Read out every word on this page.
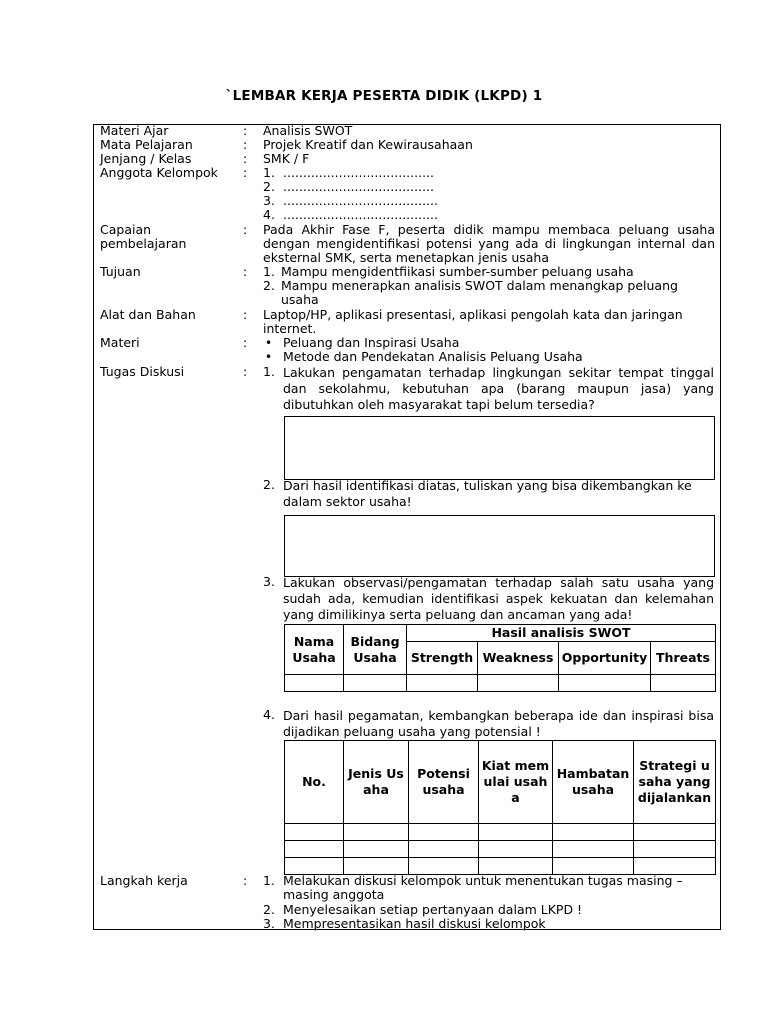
`LEMBAR KERJA PESERTA DIDIK (LKPD) 1
Materi Ajar	: Analisis SWOT
Mata Pelajaran	: Projek Kreatif dan Kewirausahaan
Jenjang / Kelas	: SMK / F
Anggota Kelompok : 1. ......................................
2. ......................................
3. .......................................
4. .......................................
Capaian
pembelajaran
: Pada Akhir Fase F, peserta didik mampu membaca peluang usaha dengan mengidentifikasi potensi yang ada di lingkungan internal dan eksternal SMK, serta menetapkan jenis usaha
Tujuan	: 1. Mampu mengidentfiikasi sumber-sumber peluang usaha
2. Mampu menerapkan analisis SWOT dalam menangkap peluang usaha
Alat dan Bahan	: Laptop/HP, aplikasi presentasi, aplikasi pengolah kata dan jaringan internet.
Materi	: • Peluang dan Inspirasi Usaha
• Metode dan Pendekatan Analisis Peluang Usaha
Tugas Diskusi	: 1. Lakukan pengamatan terhadap lingkungan sekitar tempat tinggal dan sekolahmu, kebutuhan apa (barang maupun jasa) yang dibutuhkan oleh masyarakat tapi belum tersedia?
2. Dari hasil identifikasi diatas, tuliskan yang bisa dikembangkan ke dalam sektor usaha!
3. Lakukan observasi/pengamatan terhadap salah satu usaha yang sudah ada, kemudian identifikasi aspek kekuatan dan kelemahan yang dimilikinya serta peluang dan ancaman yang ada!
Nama Usaha	Bidang Usaha	Hasil analisis SWOT			
		Strength	Weakness	Opportunity	Threats

4. Dari hasil pegamatan, kembangkan beberapa ide dan inspirasi bisa dijadikan peluang usaha yang potensial !
No.	Jenis Usaha	Potensi usaha	Kiat memulai usaha	Hambatan usaha	Strategi usaha yang dijalankan

Langkah kerja	: 1. Melakukan diskusi kelompok untuk menentukan tugas masing – masing anggota
2. Menyelesaikan setiap pertanyaan dalam LKPD !
3. Mempresentasikan hasil diskusi kelompok
